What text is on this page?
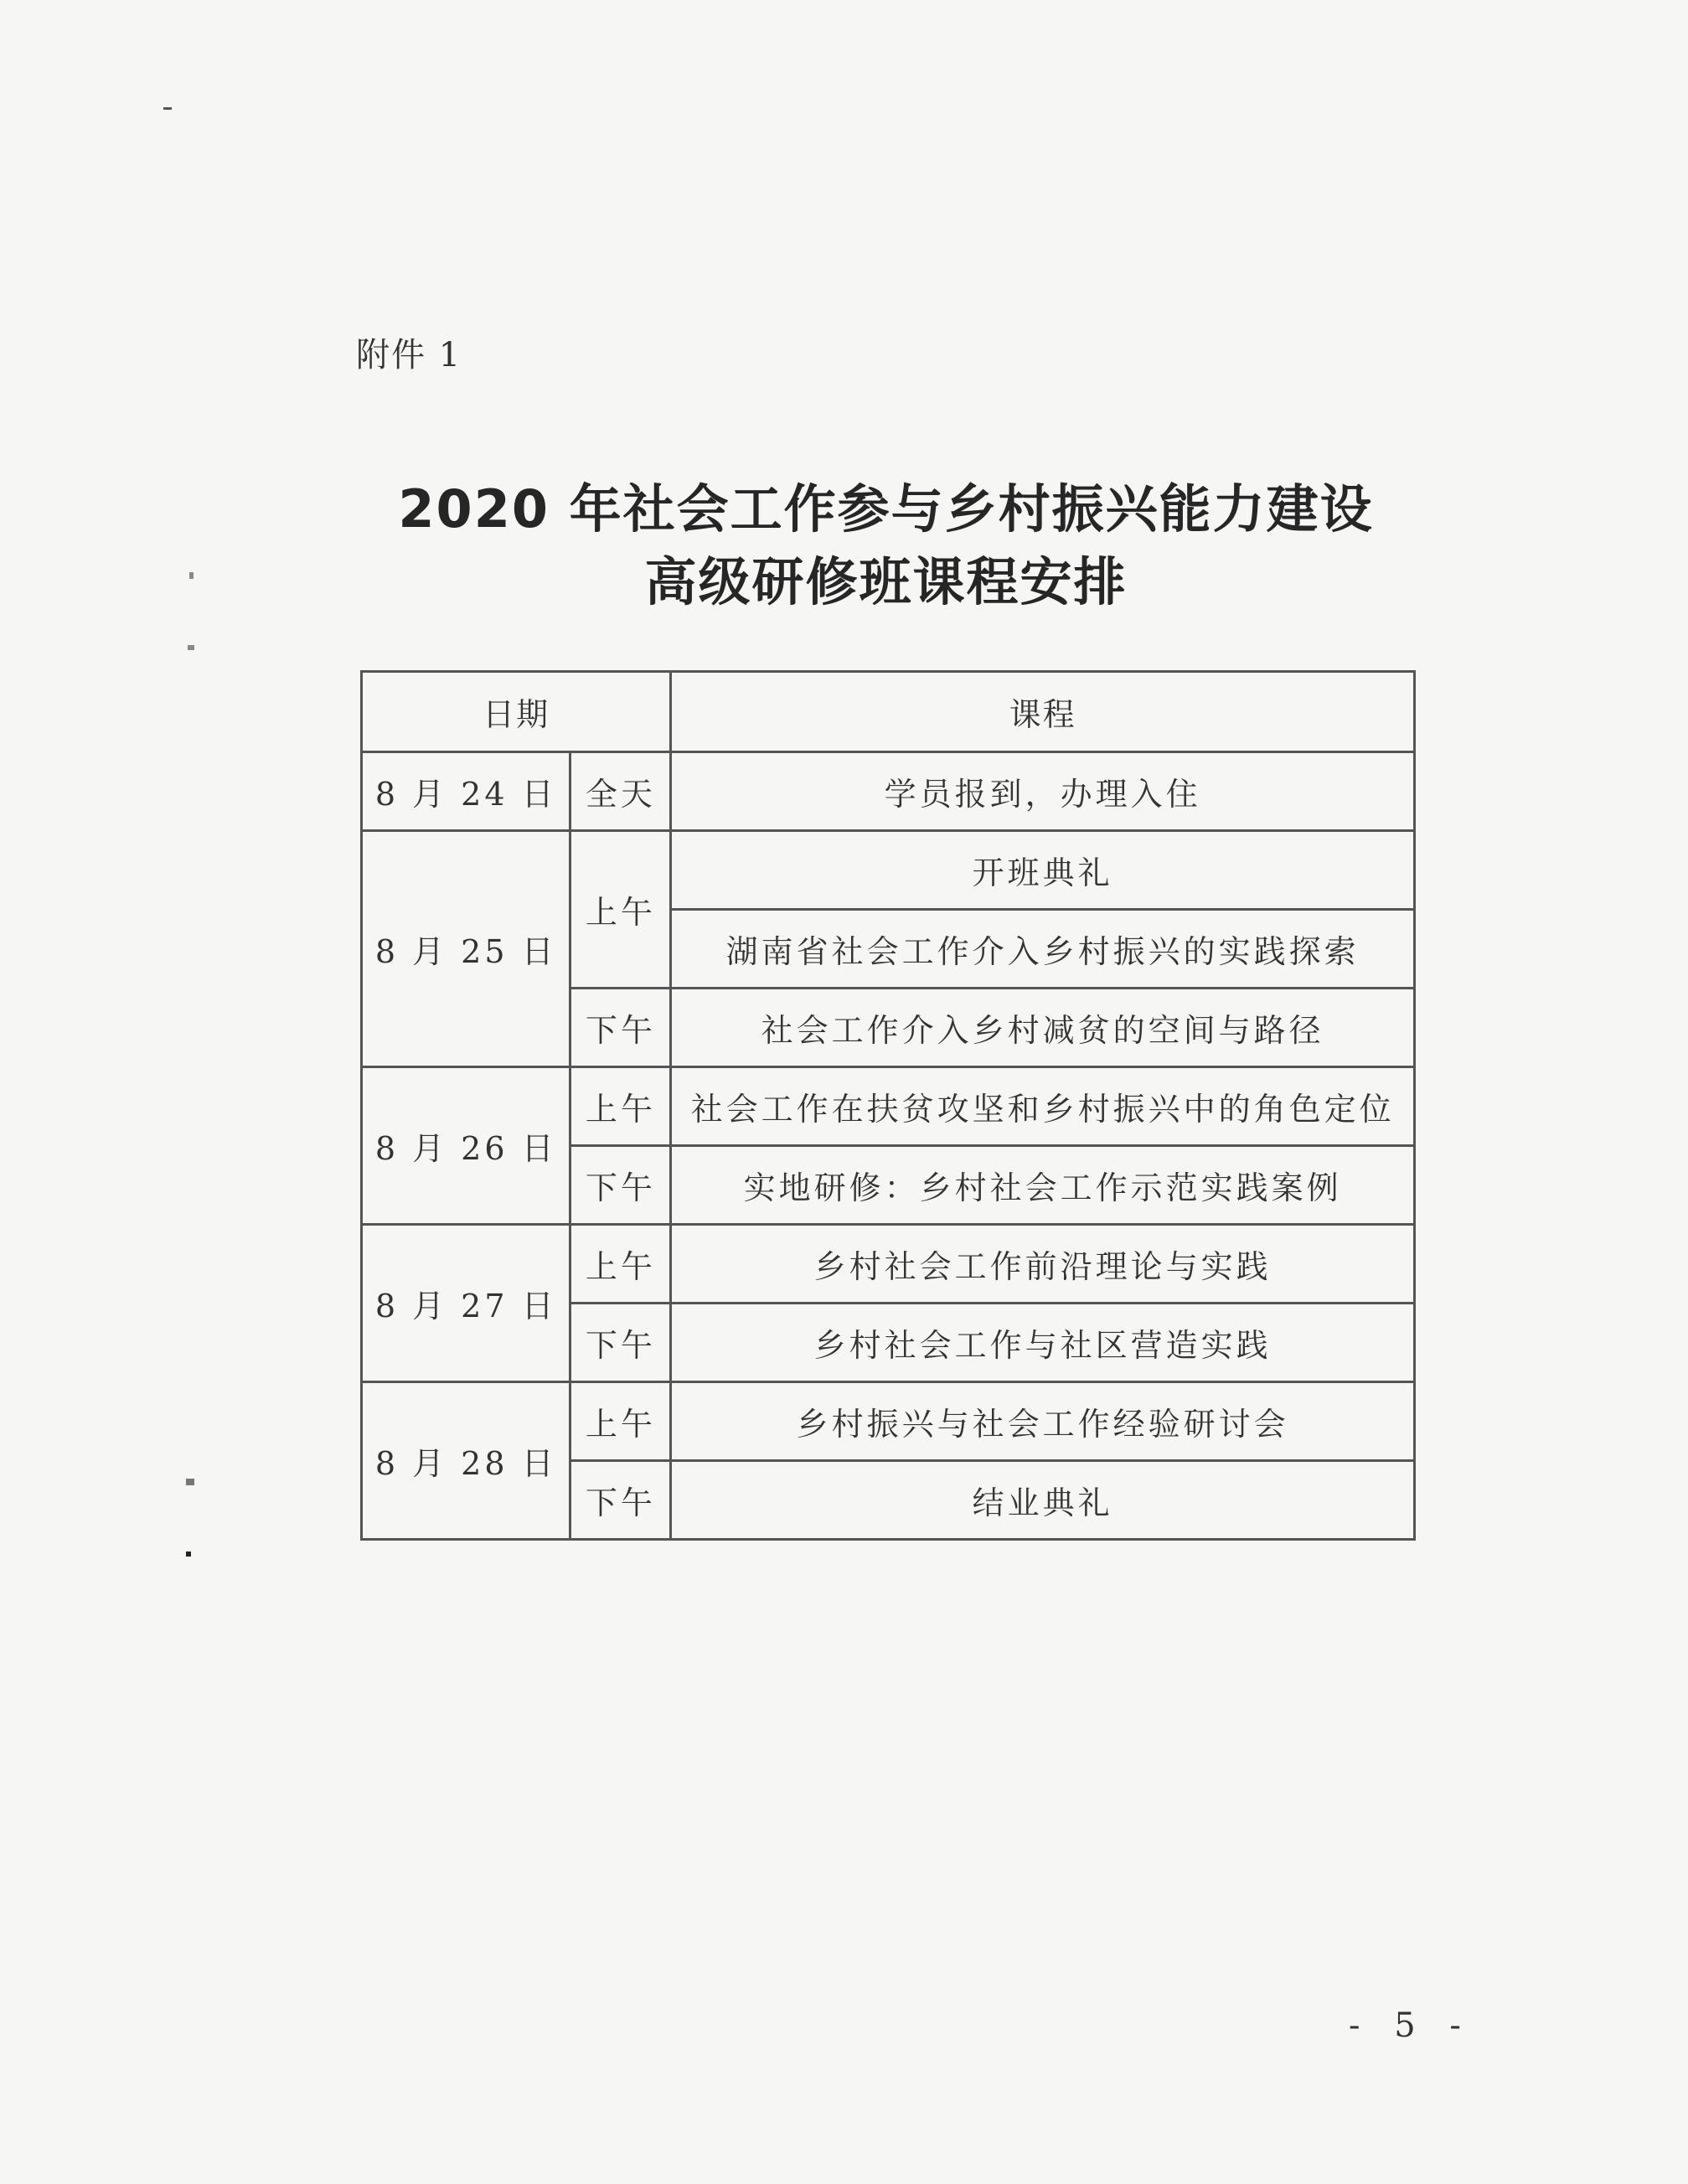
附件 1
2020 年社会工作参与乡村振兴能力建设
高级研修班课程安排
日期		课程
8 月 24 日	全天	学员报到，办理入住
8 月 25 日	上午	开班典礼
		湖南省社会工作介入乡村振兴的实践探索
	下午	社会工作介入乡村减贫的空间与路径
8 月 26 日	上午	社会工作在扶贫攻坚和乡村振兴中的角色定位
	下午	实地研修：乡村社会工作示范实践案例
8 月 27 日	上午	乡村社会工作前沿理论与实践
	下午	乡村社会工作与社区营造实践
8 月 28 日	上午	乡村振兴与社会工作经验研讨会
	下午	结业典礼
- 5 -
